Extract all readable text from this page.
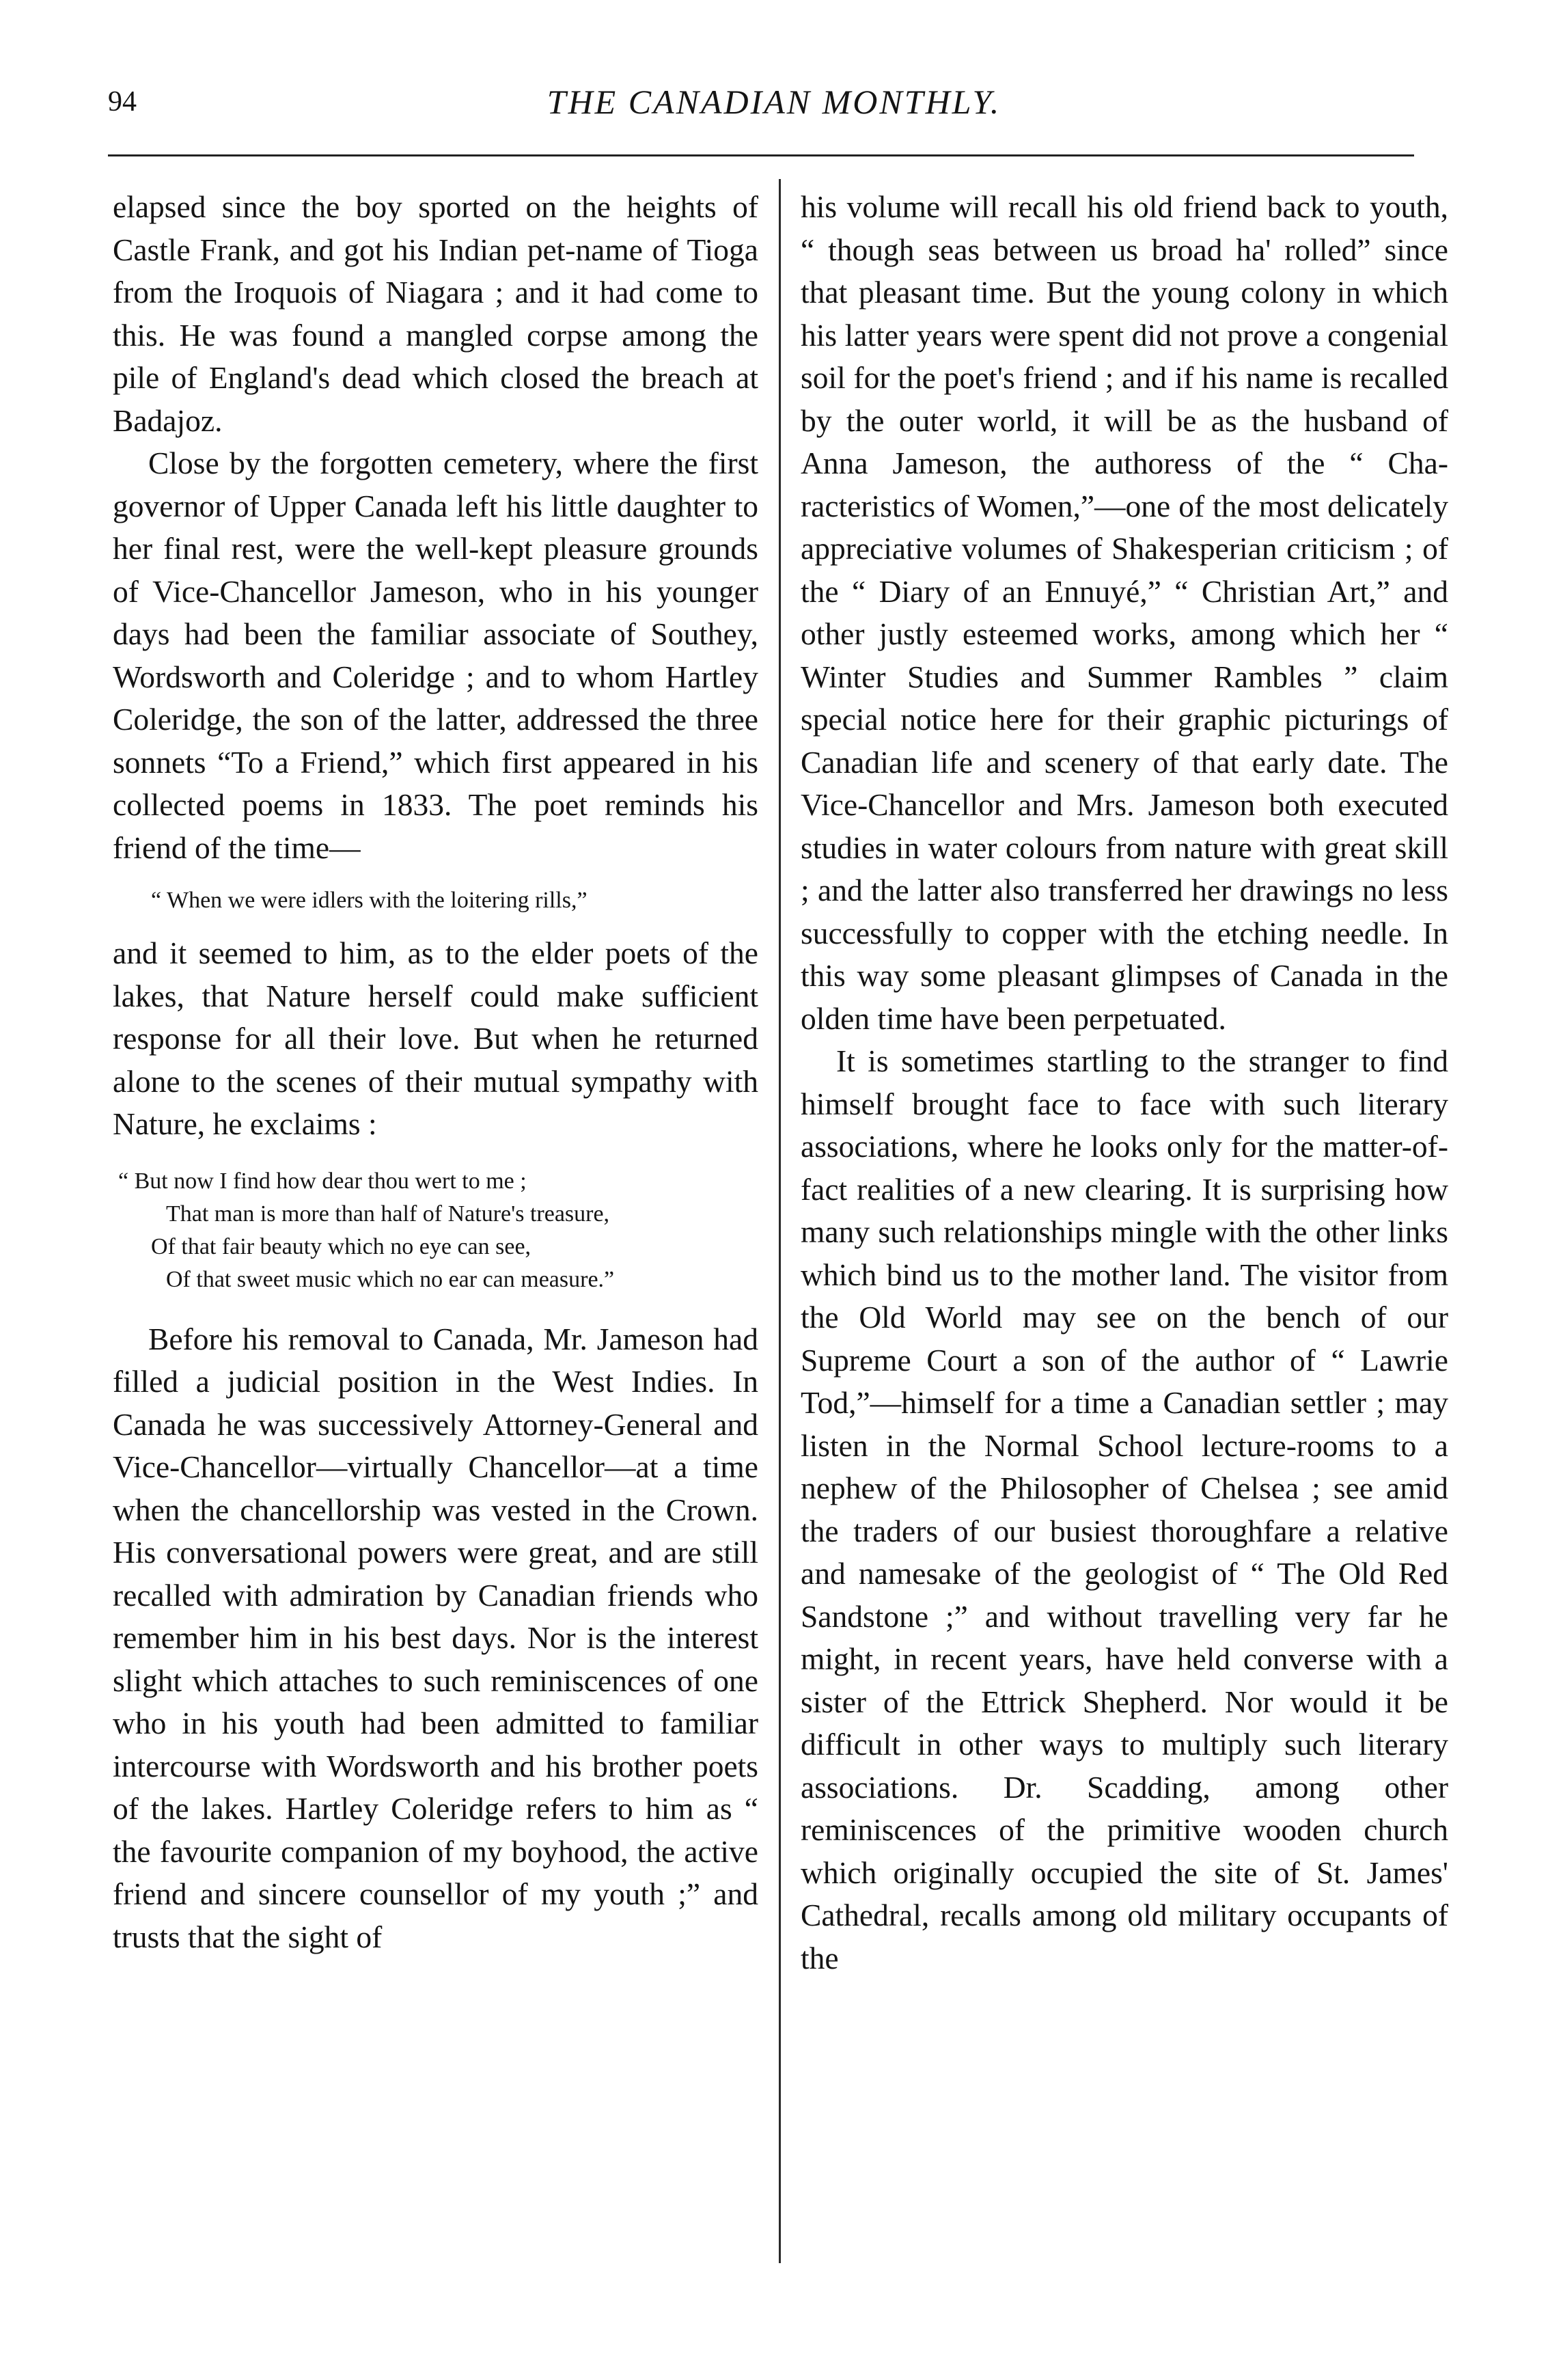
94	THE CANADIAN MONTHLY.

elapsed since the boy sported on the heights of Castle Frank, and got his Indian pet-name of Tioga from the Iroquois of Niagara ; and it had come to this. He was found a mangled corpse among the pile of England's dead which closed the breach at Badajoz.

Close by the forgotten cemetery, where the first governor of Upper Canada left his little daughter to her final rest, were the well-kept pleasure grounds of Vice-Chancellor Jameson, who in his younger days had been the familiar associate of Southey, Wordsworth and Coleridge ; and to whom Hartley Coleridge, the son of the latter, addressed the three sonnets “To a Friend,” which first appeared in his collected poems in 1833. The poet reminds his friend of the time—

“ When we were idlers with the loitering rills,”

and it seemed to him, as to the elder poets of the lakes, that Nature herself could make sufficient response for all their love. But when he returned alone to the scenes of their mutual sympathy with Nature, he exclaims :

“ But now I find how dear thou wert to me ;
That man is more than half of Nature's treasure,
Of that fair beauty which no eye can see,
Of that sweet music which no ear can measure.”

Before his removal to Canada, Mr. Jameson had filled a judicial position in the West Indies. In Canada he was successively Attorney-General and Vice-Chancellor—virtually Chancellor—at a time when the chancellorship was vested in the Crown. His conversational powers were great, and are still recalled with admiration by Canadian friends who remember him in his best days. Nor is the interest slight which attaches to such reminiscences of one who in his youth had been admitted to familiar intercourse with Wordsworth and his brother poets of the lakes. Hartley Coleridge refers to him as “ the favourite companion of my boyhood, the active friend and sincere counsellor of my youth ;” and trusts that the sight of

his volume will recall his old friend back to youth, “ though seas between us broad ha' rolled” since that pleasant time. But the young colony in which his latter years were spent did not prove a congenial soil for the poet's friend ; and if his name is recalled by the outer world, it will be as the husband of Anna Jameson, the authoress of the “ Characteristics of Women,”—one of the most delicately appreciative volumes of Shakesperian criticism ; of the “ Diary of an Ennuyé,” “ Christian Art,” and other justly esteemed works, among which her “ Winter Studies and Summer Rambles ” claim special notice here for their graphic picturings of Canadian life and scenery of that early date. The Vice-Chancellor and Mrs. Jameson both executed studies in water colours from nature with great skill ; and the latter also transferred her drawings no less successfully to copper with the etching needle. In this way some pleasant glimpses of Canada in the olden time have been perpetuated.

It is sometimes startling to the stranger to find himself brought face to face with such literary associations, where he looks only for the matter-of-fact realities of a new clearing. It is surprising how many such relationships mingle with the other links which bind us to the mother land. The visitor from the Old World may see on the bench of our Supreme Court a son of the author of “ Lawrie Tod,”—himself for a time a Canadian settler ; may listen in the Normal School lecture-rooms to a nephew of the Philosopher of Chelsea ; see amid the traders of our busiest thoroughfare a relative and namesake of the geologist of “ The Old Red Sandstone ;” and without travelling very far he might, in recent years, have held converse with a sister of the Ettrick Shepherd. Nor would it be difficult in other ways to multiply such literary associations. Dr. Scadding, among other reminiscences of the primitive wooden church which originally occupied the site of St. James' Cathedral, recalls among old military occupants of the
